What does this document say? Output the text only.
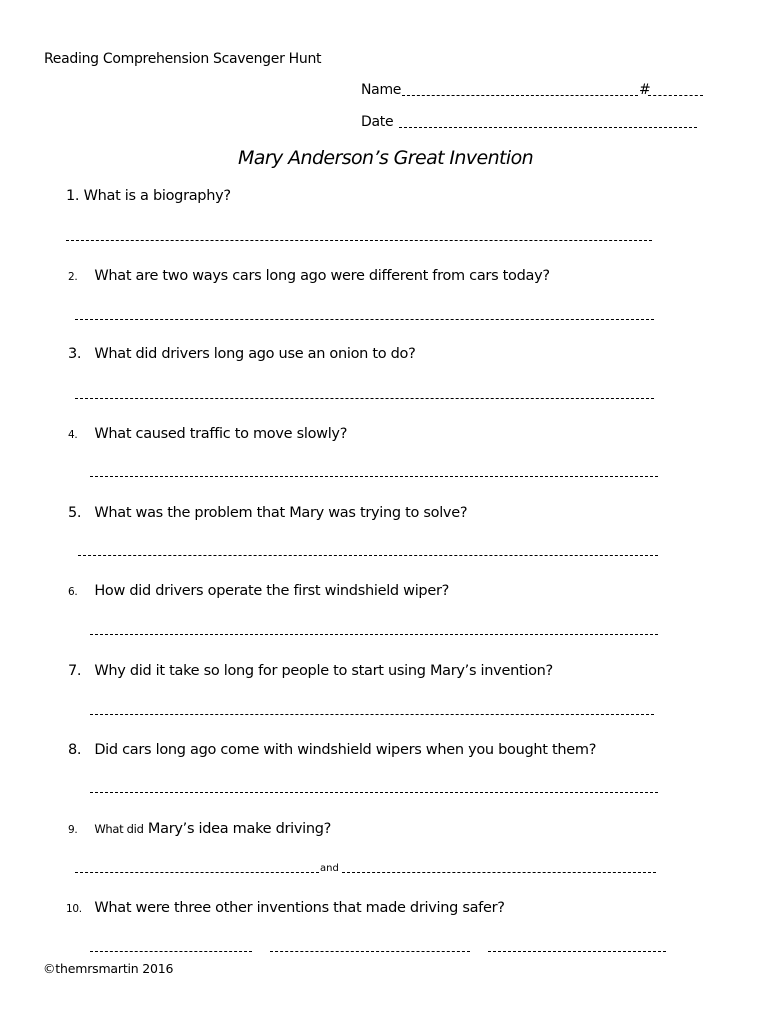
Reading Comprehension Scavenger Hunt
Name	#
Date
Mary Anderson’s Great Invention
1. What is a biography?
2. What are two ways cars long ago were different from cars today?
3. What did drivers long ago use an onion to do?
4. What caused traffic to move slowly?
5. What was the problem that Mary was trying to solve?
6. How did drivers operate the first windshield wiper?
7. Why did it take so long for people to start using Mary’s invention?
8. Did cars long ago come with windshield wipers when you bought them?
9. What did Mary’s idea make driving?
and
10. What were three other inventions that made driving safer?
©themrsmartin 2016
